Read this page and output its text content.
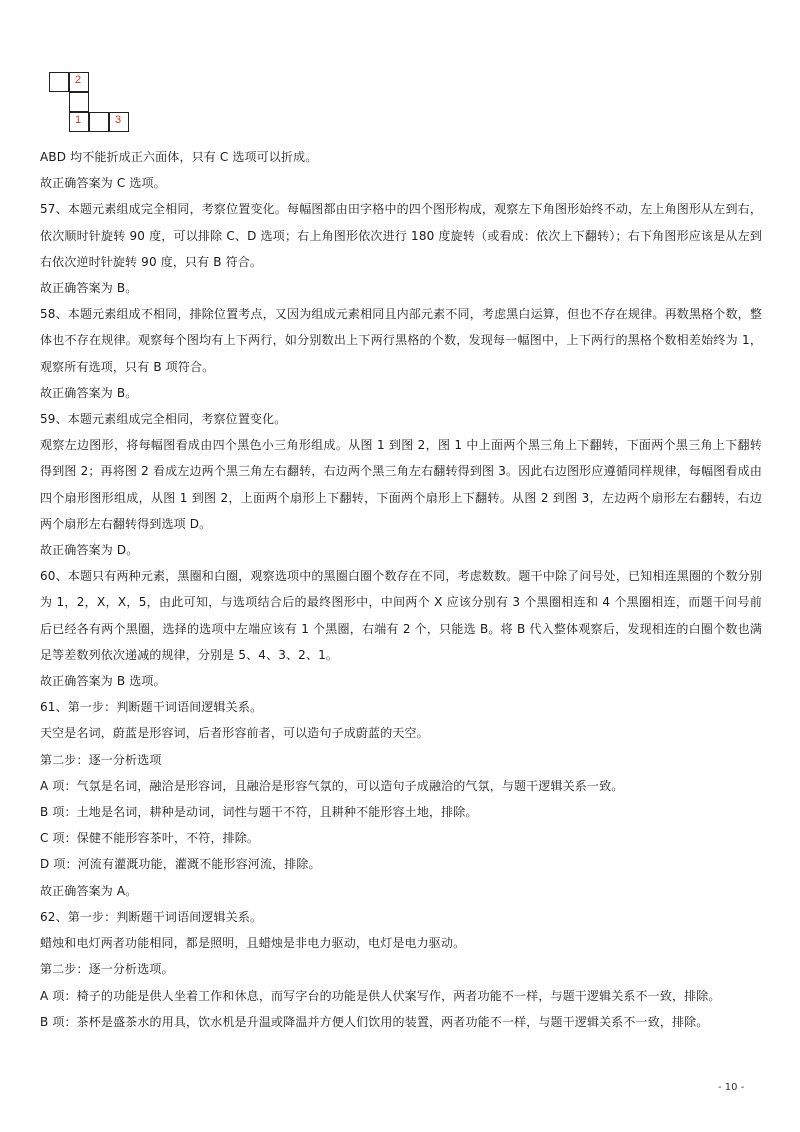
2
1	3

ABD 均不能折成正六面体，只有 C 选项可以折成。

故正确答案为 C 选项。

57、本题元素组成完全相同，考察位置变化。每幅图都由田字格中的四个图形构成，观察左下角图形始终不动，左上角图形从左到右，依次顺时针旋转 90 度，可以排除 C、D 选项；右上角图形依次进行 180 度旋转（或看成：依次上下翻转）；右下角图形应该是从左到右依次逆时针旋转 90 度，只有 B 符合。

故正确答案为 B。

58、本题元素组成不相同，排除位置考点，又因为组成元素相同且内部元素不同，考虑黑白运算，但也不存在规律。再数黑格个数，整体也不存在规律。观察每个图均有上下两行，如分别数出上下两行黑格的个数，发现每一幅图中，上下两行的黑格个数相差始终为 1，观察所有选项，只有 B 项符合。

故正确答案为 B。

59、本题元素组成完全相同，考察位置变化。

观察左边图形，将每幅图看成由四个黑色小三角形组成。从图 1 到图 2，图 1 中上面两个黑三角上下翻转，下面两个黑三角上下翻转得到图 2；再将图 2 看成左边两个黑三角左右翻转，右边两个黑三角左右翻转得到图 3。因此右边图形应遵循同样规律，每幅图看成由四个扇形图形组成，从图 1 到图 2，上面两个扇形上下翻转，下面两个扇形上下翻转。从图 2 到图 3，左边两个扇形左右翻转，右边两个扇形左右翻转得到选项 D。

故正确答案为 D。

60、本题只有两种元素，黑圈和白圈，观察选项中的黑圈白圈个数存在不同，考虑数数。题干中除了问号处，已知相连黑圈的个数分别为 1，2，X，X，5，由此可知，与选项结合后的最终图形中，中间两个 X 应该分别有 3 个黑圈相连和 4 个黑圈相连，而题干问号前后已经各有两个黑圈，选择的选项中左端应该有 1 个黑圈，右端有 2 个，只能选 B。将 B 代入整体观察后，发现相连的白圈个数也满足等差数列依次递减的规律，分别是 5、4、3、2、1。

故正确答案为 B 选项。

61、第一步：判断题干词语间逻辑关系。

天空是名词，蔚蓝是形容词，后者形容前者，可以造句子成蔚蓝的天空。

第二步：逐一分析选项

A 项：气氛是名词，融洽是形容词，且融洽是形容气氛的，可以造句子成融洽的气氛，与题干逻辑关系一致。

B 项：土地是名词，耕种是动词，词性与题干不符，且耕种不能形容土地，排除。

C 项：保健不能形容茶叶，不符，排除。

D 项：河流有灌溉功能，灌溉不能形容河流，排除。

故正确答案为 A。

62、第一步：判断题干词语间逻辑关系。

蜡烛和电灯两者功能相同，都是照明，且蜡烛是非电力驱动，电灯是电力驱动。

第二步：逐一分析选项。

A 项：椅子的功能是供人坐着工作和休息，而写字台的功能是供人伏案写作，两者功能不一样，与题干逻辑关系不一致，排除。

B 项：茶杯是盛茶水的用具，饮水机是升温或降温并方便人们饮用的装置，两者功能不一样，与题干逻辑关系不一致，排除。

- 10 -
